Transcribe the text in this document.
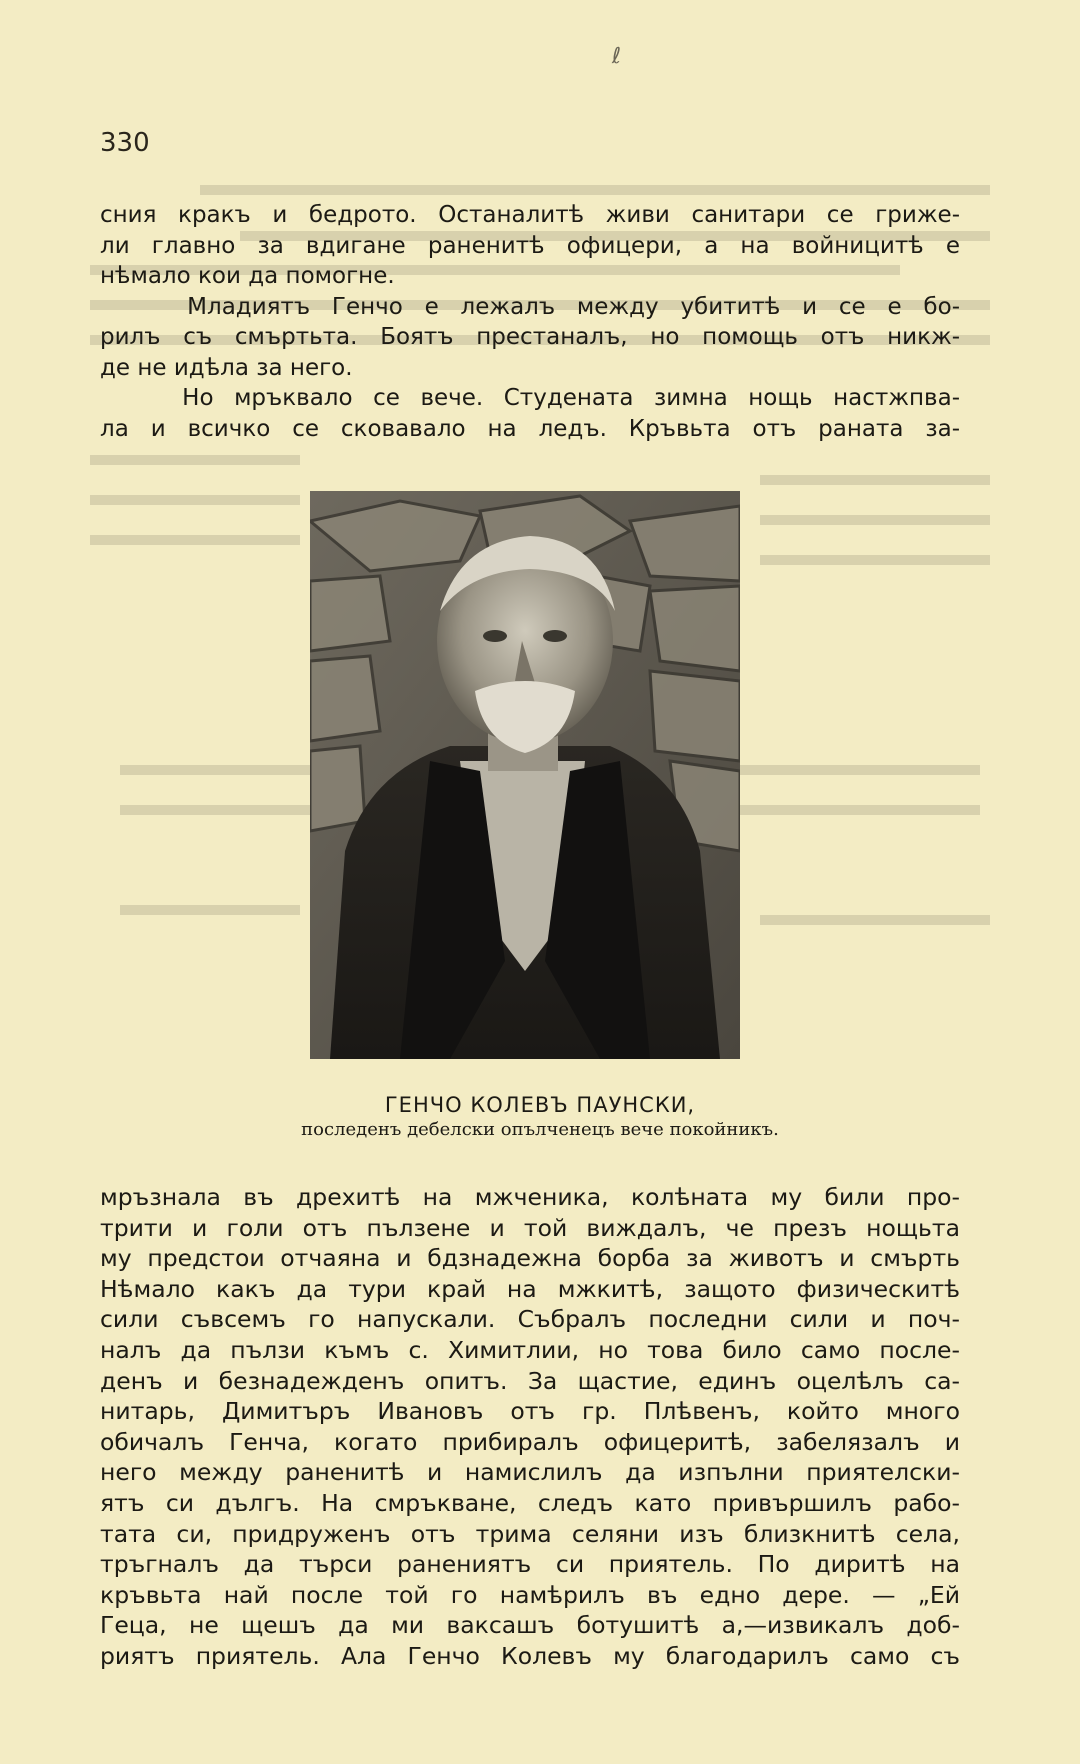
ℓ
330
сния кракъ и бедрото. Останалитѣ живи санитари се грижe-
ли главно за вдигане раненитѣ офицери, а на войницитѣ е
нѣмало кои да помогне.
Младиятъ Генчо е лежалъ между убититѣ и се е бо-
рилъ съ смъртьта. Боятъ престаналъ, но помощь отъ никж-
де не идѣла за него.
Но мръквало се вече. Студената зимна нощь настжпва-
ла и всичко се сковавало на ледъ. Кръвьта отъ раната за-
ГЕНЧО КОЛЕВЪ ПАУНСКИ,
последенъ дебелски опълченецъ вече покойникъ.
мръзнала въ дрехитѣ на мжченика, колѣната му били про-
трити и голи отъ пълзене и той виждалъ, че презъ нощьта
му предстои отчаяна и бдзнадежна борба за животъ и смърть
Нѣмало какъ да тури край на мжкитѣ, защото физическитѣ
сили съвсемъ го напускали. Събралъ последни сили и поч-
налъ да пълзи къмъ с. Химитлии, но това било само после-
денъ и безнадежденъ опитъ. За щастие, единъ оцелѣлъ са-
нитарь, Димитъръ Ивановъ отъ гр. Плѣвенъ, който много
обичалъ Генча, когато прибиралъ офицеритѣ, забелязалъ и
него между раненитѣ и намислилъ да изпълни приятелски-
ятъ си дългъ. На смръкване, следъ като привършилъ рабо-
тата си, придруженъ отъ трима селяни изъ близкнитѣ села,
тръгналъ да търси ранениятъ си приятель. По диритѣ на
кръвьта най после той го намѣрилъ въ едно дере. — „Ей
Геца, не щешъ да ми ваксашъ ботушитѣ а,—извикалъ доб-
риятъ приятель. Ала Генчо Колевъ му благодарилъ само съ
